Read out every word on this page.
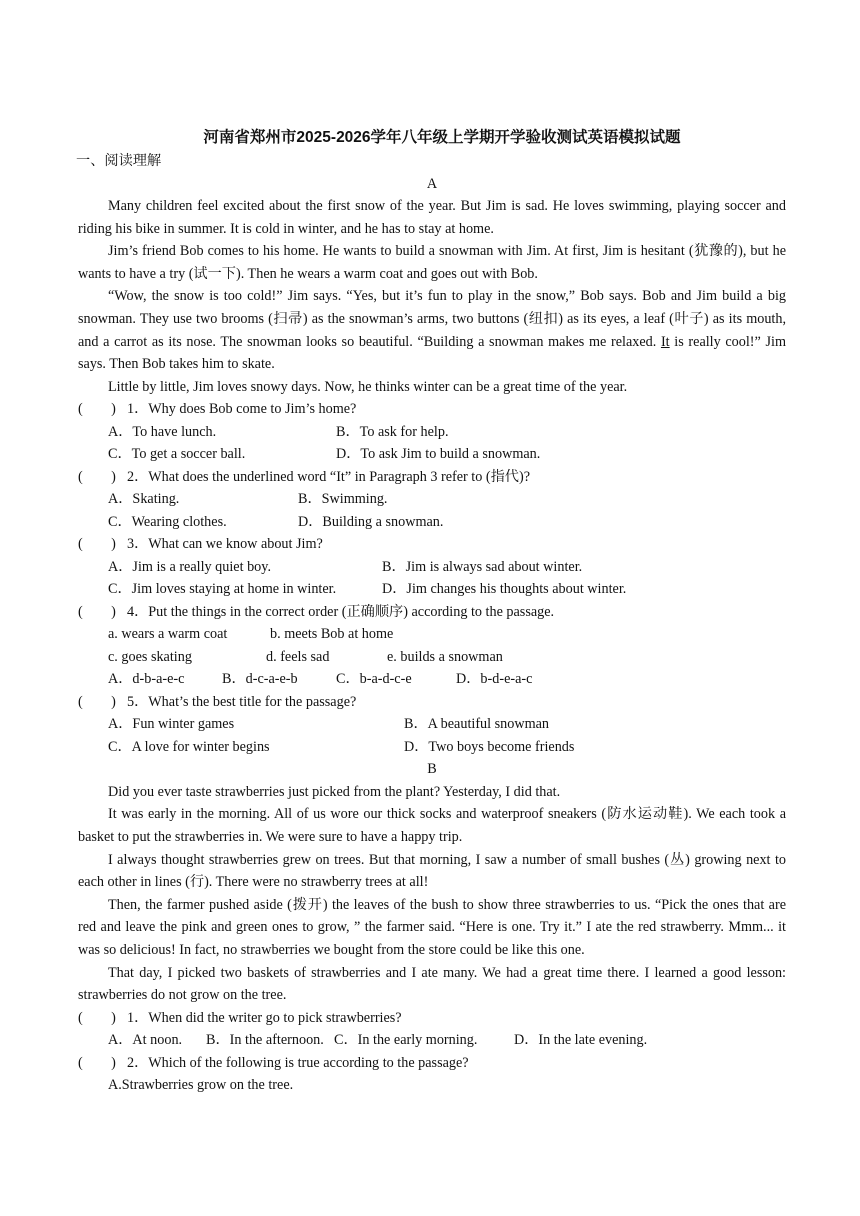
河南省郑州市2025-2026学年八年级上学期开学验收测试英语模拟试题
一、阅读理解
A

Many children feel excited about the first snow of the year. But Jim is sad. He loves swimming, playing soccer and riding his bike in summer. It is cold in winter, and he has to stay at home.

Jim’s friend Bob comes to his home. He wants to build a snowman with Jim. At first, Jim is hesitant (犹豫的), but he wants to have a try (试一下). Then he wears a warm coat and goes out with Bob.

“Wow, the snow is too cold!” Jim says. “Yes, but it’s fun to play in the snow,” Bob says. Bob and Jim build a big snowman. They use two brooms (扫帚) as the snowman’s arms, two buttons (纽扣) as its eyes, a leaf (叶子) as its mouth, and a carrot as its nose. The snowman looks so beautiful. “Building a snowman makes me relaxed. It is really cool!” Jim says. Then Bob takes him to skate.

Little by little, Jim loves snowy days. Now, he thinks winter can be a great time of the year.

(　　) 1．Why does Bob come to Jim’s home?
A．To have lunch.	B．To ask for help.
C．To get a soccer ball.	D．To ask Jim to build a snowman.
(　　) 2．What does the underlined word “It” in Paragraph 3 refer to (指代)?
A．Skating.	B．Swimming.
C．Wearing clothes.	D．Building a snowman.
(　　) 3．What can we know about Jim?
A．Jim is a really quiet boy.	B．Jim is always sad about winter.
C．Jim loves staying at home in winter.	D．Jim changes his thoughts about winter.
(　　) 4．Put the things in the correct order (正确顺序) according to the passage.
a. wears a warm coat	b. meets Bob at home
c. goes skating	d. feels sad	e. builds a snowman
A．d-b-a-e-c	B．d-c-a-e-b	C．b-a-d-c-e	D．b-d-e-a-c
(　　) 5．What’s the best title for the passage?
A．Fun winter games	B．A beautiful snowman
C．A love for winter begins	D．Two boys become friends
B

Did you ever taste strawberries just picked from the plant? Yesterday, I did that.

It was early in the morning. All of us wore our thick socks and waterproof sneakers (防水运动鞋). We each took a basket to put the strawberries in. We were sure to have a happy trip.

I always thought strawberries grew on trees. But that morning, I saw a number of small bushes (丛) growing next to each other in lines (行). There were no strawberry trees at all!

Then, the farmer pushed aside (拨开) the leaves of the bush to show three strawberries to us. “Pick the ones that are red and leave the pink and green ones to grow, ” the farmer said. “Here is one. Try it.” I ate the red strawberry. Mmm... it was so delicious! In fact, no strawberries we bought from the store could be like this one.

That day, I picked two baskets of strawberries and I ate many. We had a great time there. I learned a good lesson: strawberries do not grow on the tree.

(　　) 1．When did the writer go to pick strawberries?
A．At noon. B．In the afternoon. C．In the early morning.	D．In the late evening.
(　　) 2．Which of the following is true according to the passage?
A.Strawberries grow on the tree.
